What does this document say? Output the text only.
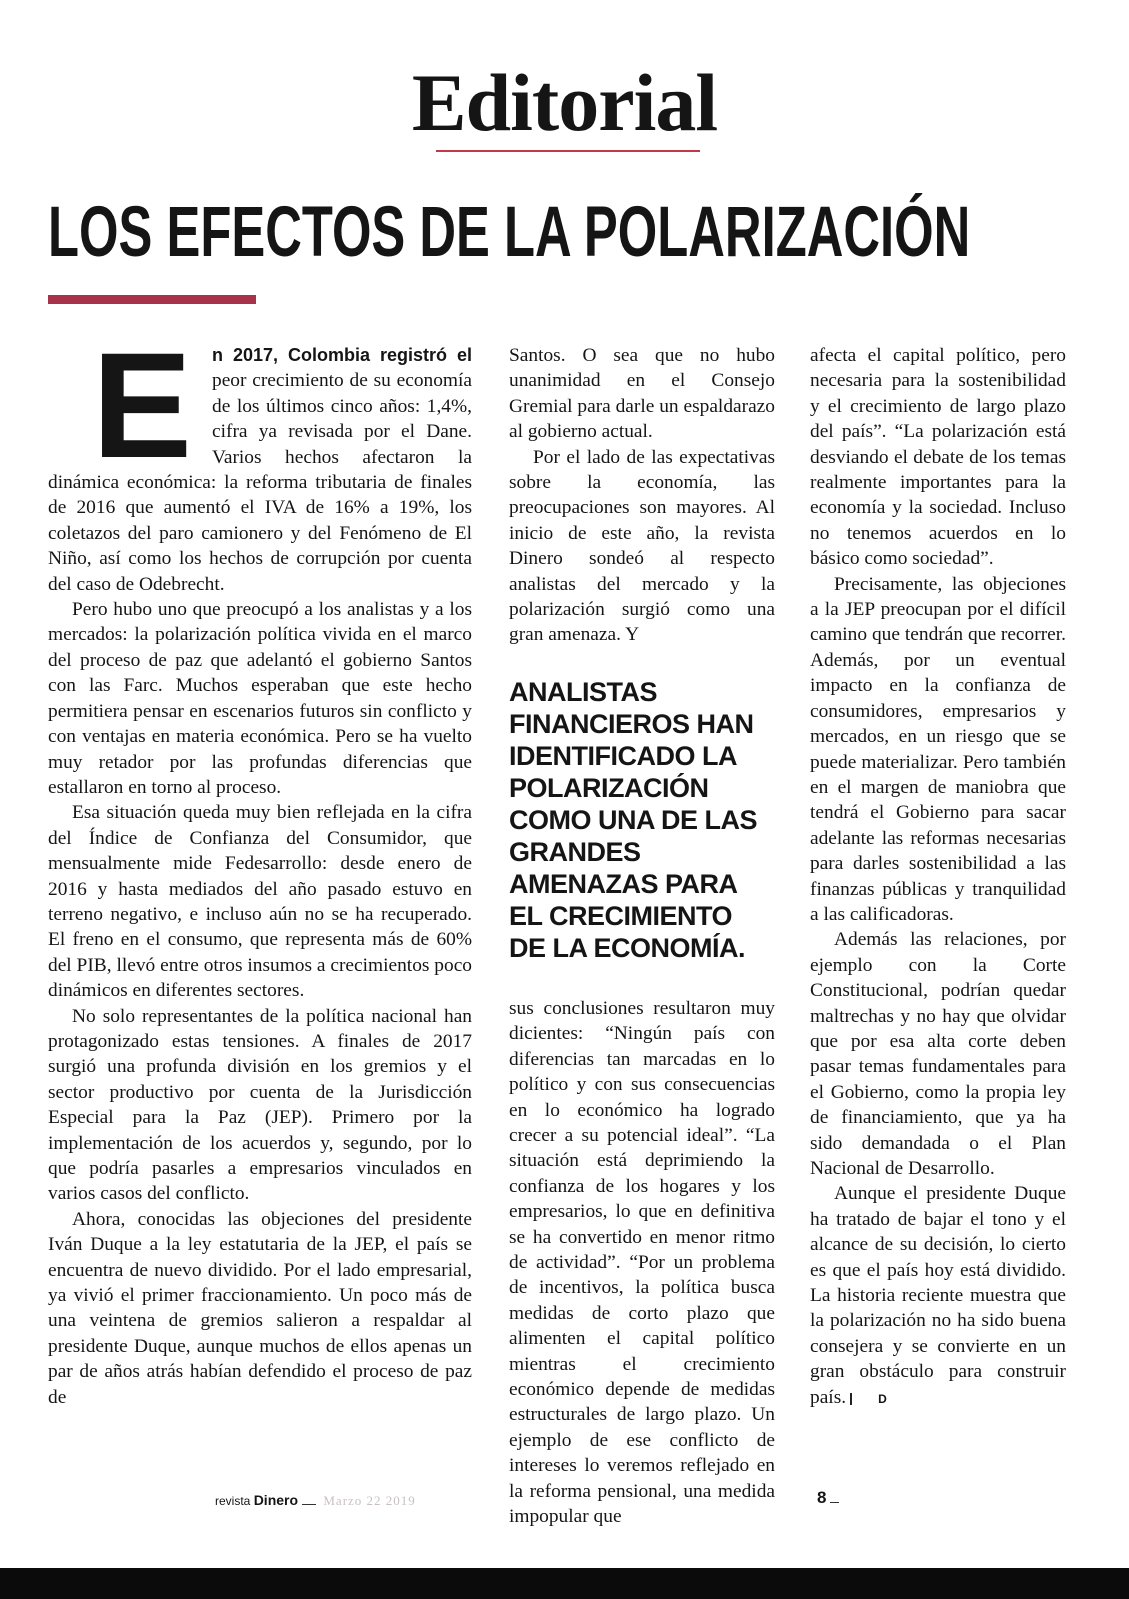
Editorial
LOS EFECTOS DE LA POLARIZACIÓN
E	n 2017, Colombia registró el peor crecimiento de su economía de los últimos cinco años: 1,4%, cifra ya revisada por el Dane. Varios hechos afectaron la dinámica económica: la reforma tributaria de finales de 2016 que aumentó el IVA de 16% a 19%, los coletazos del paro camionero y del Fenómeno de El Niño, así como los hechos de corrupción por cuenta del caso de Odebrecht.

Pero hubo uno que preocupó a los analistas y a los mercados: la polarización política vivida en el marco del proceso de paz que adelantó el gobierno Santos con las Farc. Muchos esperaban que este hecho permitiera pensar en escenarios futuros sin conflicto y con ventajas en materia económica. Pero se ha vuelto muy retador por las profundas diferencias que estallaron en torno al proceso.

Esa situación queda muy bien reflejada en la cifra del Índice de Confianza del Consumidor, que mensualmente mide Fedesarrollo: desde enero de 2016 y hasta mediados del año pasado estuvo en terreno negativo, e incluso aún no se ha recuperado. El freno en el consumo, que representa más de 60% del PIB, llevó entre otros insumos a crecimientos poco dinámicos en diferentes sectores.

No solo representantes de la política nacional han protagonizado estas tensiones. A finales de 2017 surgió una profunda división en los gremios y el sector productivo por cuenta de la Jurisdicción Especial para la Paz (JEP). Primero por la implementación de los acuerdos y, segundo, por lo que podría pasarles a empresarios vinculados en varios casos del conflicto.

Ahora, conocidas las objeciones del presidente Iván Duque a la ley estatutaria de la JEP, el país se encuentra de nuevo dividido. Por el lado empresarial, ya vivió el primer fraccionamiento. Un poco más de una veintena de gremios salieron a respaldar al presidente Duque, aunque muchos de ellos apenas un par de años atrás habían defendido el proceso de paz de

Santos. O sea que no hubo unanimidad en el Consejo Gremial para darle un espaldarazo al gobierno actual.

Por el lado de las expectativas sobre la economía, las preocupaciones son mayores. Al inicio de este año, la revista Dinero sondeó al respecto analistas del mercado y la polarización surgió como una gran amenaza. Y

ANALISTAS FINANCIEROS HAN IDENTIFICADO LA POLARIZACIÓN COMO UNA DE LAS GRANDES AMENAZAS PARA EL CRECIMIENTO DE LA ECONOMÍA.

sus conclusiones resultaron muy dicientes: “Ningún país con diferencias tan marcadas en lo político y con sus consecuencias en lo económico ha logrado crecer a su potencial ideal”. “La situación está deprimiendo la confianza de los hogares y los empresarios, lo que en definitiva se ha convertido en menor ritmo de actividad”. “Por un problema de incentivos, la política busca medidas de corto plazo que alimenten el capital político mientras el crecimiento económico depende de medidas estructurales de largo plazo. Un ejemplo de ese conflicto de intereses lo veremos reflejado en la reforma pensional, una medida impopular que

afecta el capital político, pero necesaria para la sostenibilidad y el crecimiento de largo plazo del país”. “La polarización está desviando el debate de los temas realmente importantes para la economía y la sociedad. Incluso no tenemos acuerdos en lo básico como sociedad”.

Precisamente, las objeciones a la JEP preocupan por el difícil camino que tendrán que recorrer. Además, por un eventual impacto en la confianza de consumidores, empresarios y mercados, en un riesgo que se puede materializar. Pero también en el margen de maniobra que tendrá el Gobierno para sacar adelante las reformas necesarias para darles sostenibilidad a las finanzas públicas y tranquilidad a las calificadoras.

Además las relaciones, por ejemplo con la Corte Constitucional, podrían quedar maltrechas y no hay que olvidar que por esa alta corte deben pasar temas fundamentales para el Gobierno, como la propia ley de financiamiento, que ya ha sido demandada o el Plan Nacional de Desarrollo.

Aunque el presidente Duque ha tratado de bajar el tono y el alcance de su decisión, lo cierto es que el país hoy está dividido. La historia reciente muestra que la polarización no ha sido buena consejera y se convierte en un gran obstáculo para construir país.	D

revista Dinero Marzo 22 2019	8
